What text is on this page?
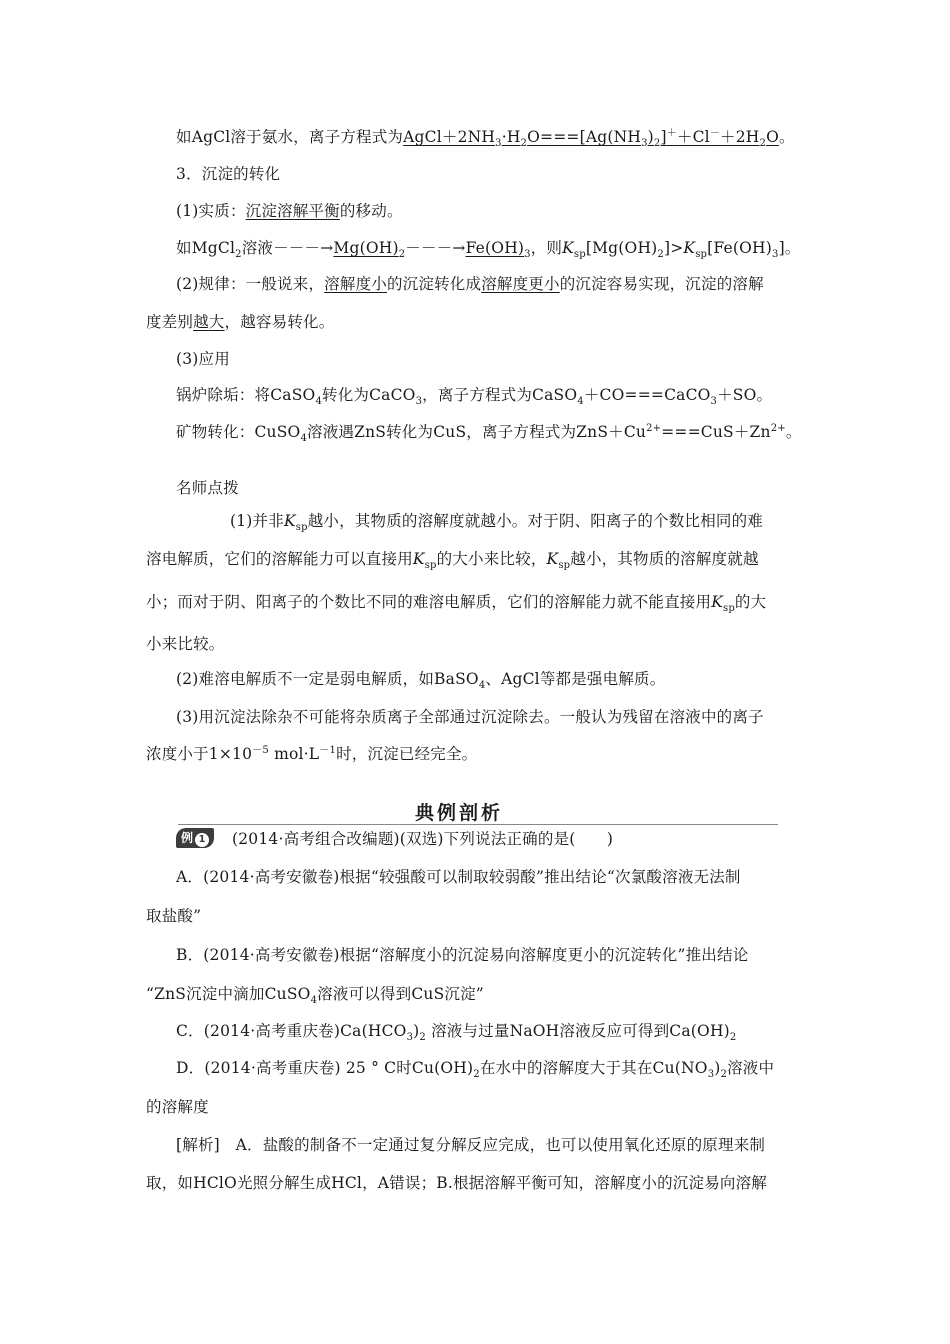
如AgCl溶于氨水，离子方程式为$AgCl+2NH_3\cdot H_2O===[Ag(NH_3)_2]^++Cl^-+2H_2O$。
3．沉淀的转化
(1)实质：沉淀溶解平衡的移动。
如MgCl$_2$溶液$---\to Mg(OH)_2---\to Fe(OH)_3$，则$K_{sp}[Mg(OH)_2]>K_{sp}[Fe(OH)_3]$。
(2)规律：一般说来，溶解度小的沉淀转化成溶解度更小的沉淀容易实现，沉淀的溶解
度差别越大，越容易转化。
(3)应用
锅炉除垢：将CaSO$_4$转化为CaCO$_3$，离子方程式为CaSO$_4$＋CO===CaCO$_3$＋SO。
矿物转化：CuSO$_4$溶液遇ZnS转化为CuS，离子方程式为$ZnS+Cu^{2+}===CuS+Zn^{2+}$。
名师点拨
(1)并非$K_{sp}$越小，其物质的溶解度就越小。对于阴、阳离子的个数比相同的难
溶电解质，它们的溶解能力可以直接用$K_{sp}$的大小来比较，$K_{sp}$越小，其物质的溶解度就越
小；而对于阴、阳离子的个数比不同的难溶电解质，它们的溶解能力就不能直接用$K_{sp}$的大
小来比较。
(2)难溶电解质不一定是弱电解质，如BaSO$_4$、AgCl等都是强电解质。
(3)用沉淀法除杂不可能将杂质离子全部通过沉淀除去。一般认为残留在溶液中的离子
浓度小于$1\times 10^{-5}$ $mol\cdot L^{-1}$时，沉淀已经完全。
典例剖析
例 1	(2014·高考组合改编题)(双选)下列说法正确的是(　　)
A．(2014·高考安徽卷)根据“较强酸可以制取较弱酸”推出结论“次氯酸溶液无法制
取盐酸”
B．(2014·高考安徽卷)根据“溶解度小的沉淀易向溶解度更小的沉淀转化”推出结论
“ZnS沉淀中滴加CuSO$_4$溶液可以得到CuS沉淀”
C．(2014·高考重庆卷)$Ca(HCO_3)_2$ 溶液与过量NaOH溶液反应可得到$Ca(OH)_2$
D．(2014·高考重庆卷) 25 ° C时$Cu(OH)_2$在水中的溶解度大于其在$Cu(NO_3)_2$溶液中
的溶解度
[解析]　A．盐酸的制备不一定通过复分解反应完成，也可以使用氧化还原的原理来制
取，如HClO光照分解生成HCl，A错误；B.根据溶解平衡可知，溶解度小的沉淀易向溶解
